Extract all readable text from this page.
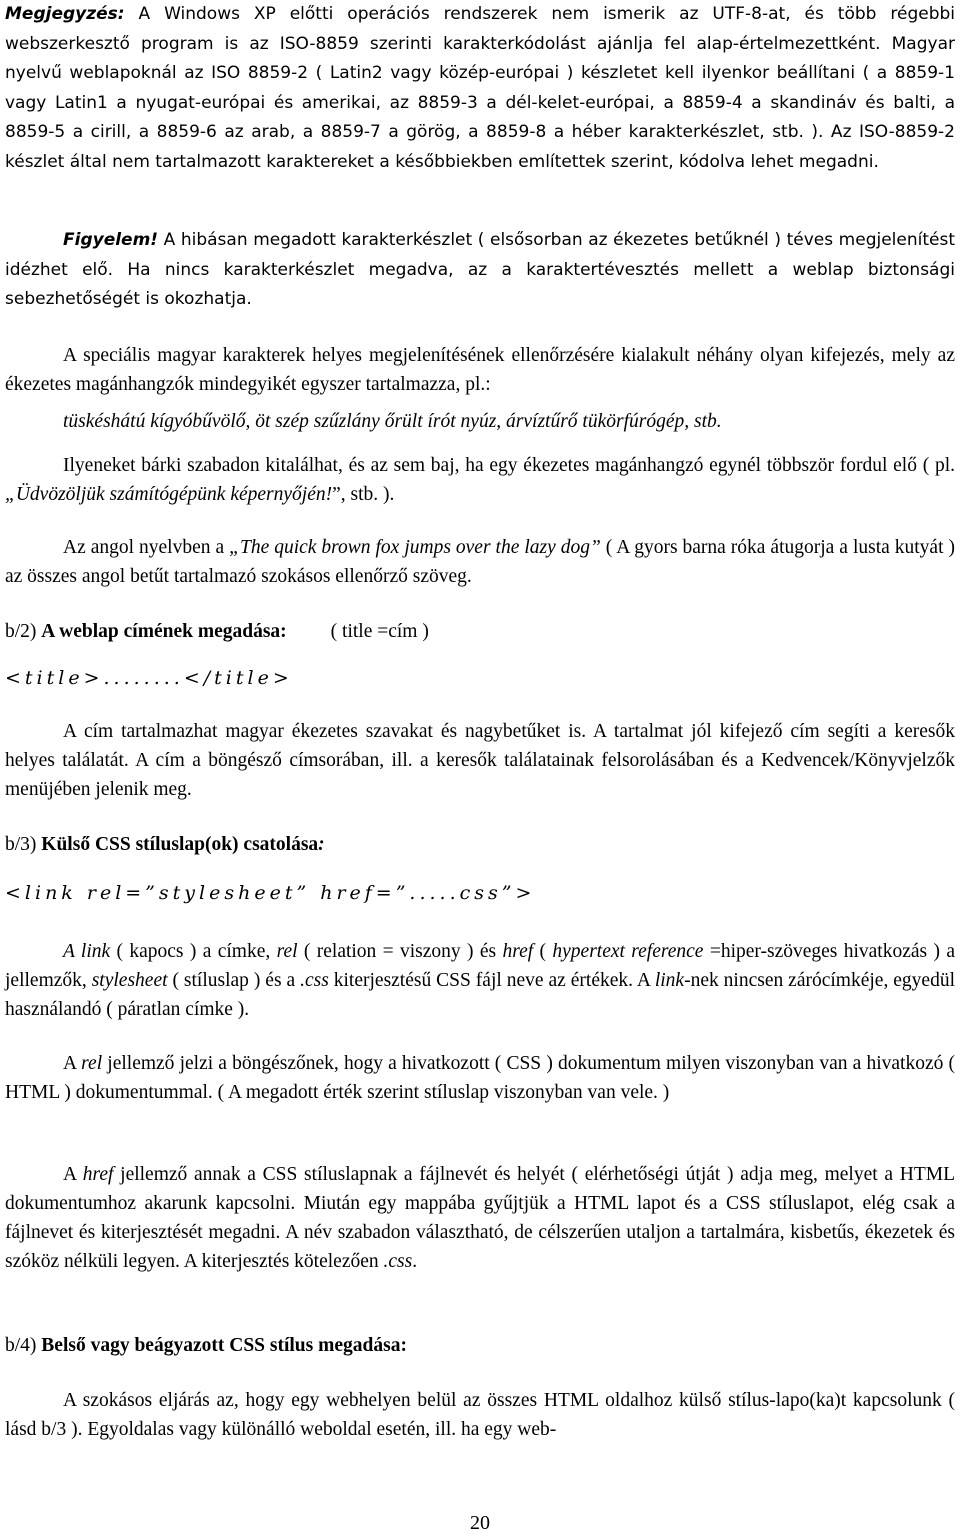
Megjegyzés: A Windows XP előtti operációs rendszerek nem ismerik az UTF-8-at, és több régebbi webszerkesztő program is az ISO-8859 szerinti karakterkódolást ajánlja fel alap-értelmezettként. Magyar nyelvű weblapoknál az ISO 8859-2 ( Latin2 vagy közép-európai ) készletet kell ilyenkor beállítani ( a 8859-1 vagy Latin1 a nyugat-európai és amerikai, az 8859-3 a dél-kelet-európai, a 8859-4 a skandináv és balti, a 8859-5 a cirill, a 8859-6 az arab, a 8859-7 a görög, a 8859-8 a héber karakterkészlet, stb. ). Az ISO-8859-2 készlet által nem tartalmazott karaktereket a későbbiekben említettek szerint, kódolva lehet megadni.

Figyelem! A hibásan megadott karakterkészlet ( elsősorban az ékezetes betűknél ) téves megjelenítést idézhet elő. Ha nincs karakterkészlet megadva, az a karaktertévesztés mellett a weblap biztonsági sebezhetőségét is okozhatja.

A speciális magyar karakterek helyes megjelenítésének ellenőrzésére kialakult néhány olyan kifejezés, mely az ékezetes magánhangzók mindegyikét egyszer tartalmazza, pl.:

tüskéshátú kígyóbűvölő, öt szép szűzlány őrült írót nyúz, árvíztűrő tükörfúrógép, stb.

Ilyeneket bárki szabadon kitalálhat, és az sem baj, ha egy ékezetes magánhangzó egynél többször fordul elő ( pl. „Üdvözöljük számítógépünk képernyőjén!”, stb. ).

Az angol nyelvben a „The quick brown fox jumps over the lazy dog” ( A gyors barna róka átugorja a lusta kutyát ) az összes angol betűt tartalmazó szokásos ellenőrző szöveg.

b/2) A weblap címének megadása: ( title =cím )

<title>........</title>

A cím tartalmazhat magyar ékezetes szavakat és nagybetűket is. A tartalmat jól kifejező cím segíti a keresők helyes találatát. A cím a böngésző címsorában, ill. a keresők találatainak felsorolásában és a Kedvencek/Könyvjelzők menüjében jelenik meg.

b/3) Külső CSS stíluslap(ok) csatolása:

<link rel=”stylesheet” href=”.....css”>

A link ( kapocs ) a címke, rel ( relation = viszony ) és href ( hypertext reference =hiper-szöveges hivatkozás ) a jellemzők, stylesheet ( stíluslap ) és a .css kiterjesztésű CSS fájl neve az értékek. A link-nek nincsen zárócímkéje, egyedül használandó ( páratlan címke ).

A rel jellemző jelzi a böngészőnek, hogy a hivatkozott ( CSS ) dokumentum milyen viszonyban van a hivatkozó ( HTML ) dokumentummal. ( A megadott érték szerint stíluslap viszonyban van vele. )

A href jellemző annak a CSS stíluslapnak a fájlnevét és helyét ( elérhetőségi útját ) adja meg, melyet a HTML dokumentumhoz akarunk kapcsolni. Miután egy mappába gyűjtjük a HTML lapot és a CSS stíluslapot, elég csak a fájlnevet és kiterjesztését megadni. A név szabadon választható, de célszerűen utaljon a tartalmára, kisbetűs, ékezetek és szóköz nélküli legyen. A kiterjesztés kötelezően .css.

b/4) Belső vagy beágyazott CSS stílus megadása:

A szokásos eljárás az, hogy egy webhelyen belül az összes HTML oldalhoz külső stílus-lapo(ka)t kapcsolunk ( lásd b/3 ). Egyoldalas vagy különálló weboldal esetén, ill. ha egy web-

20
